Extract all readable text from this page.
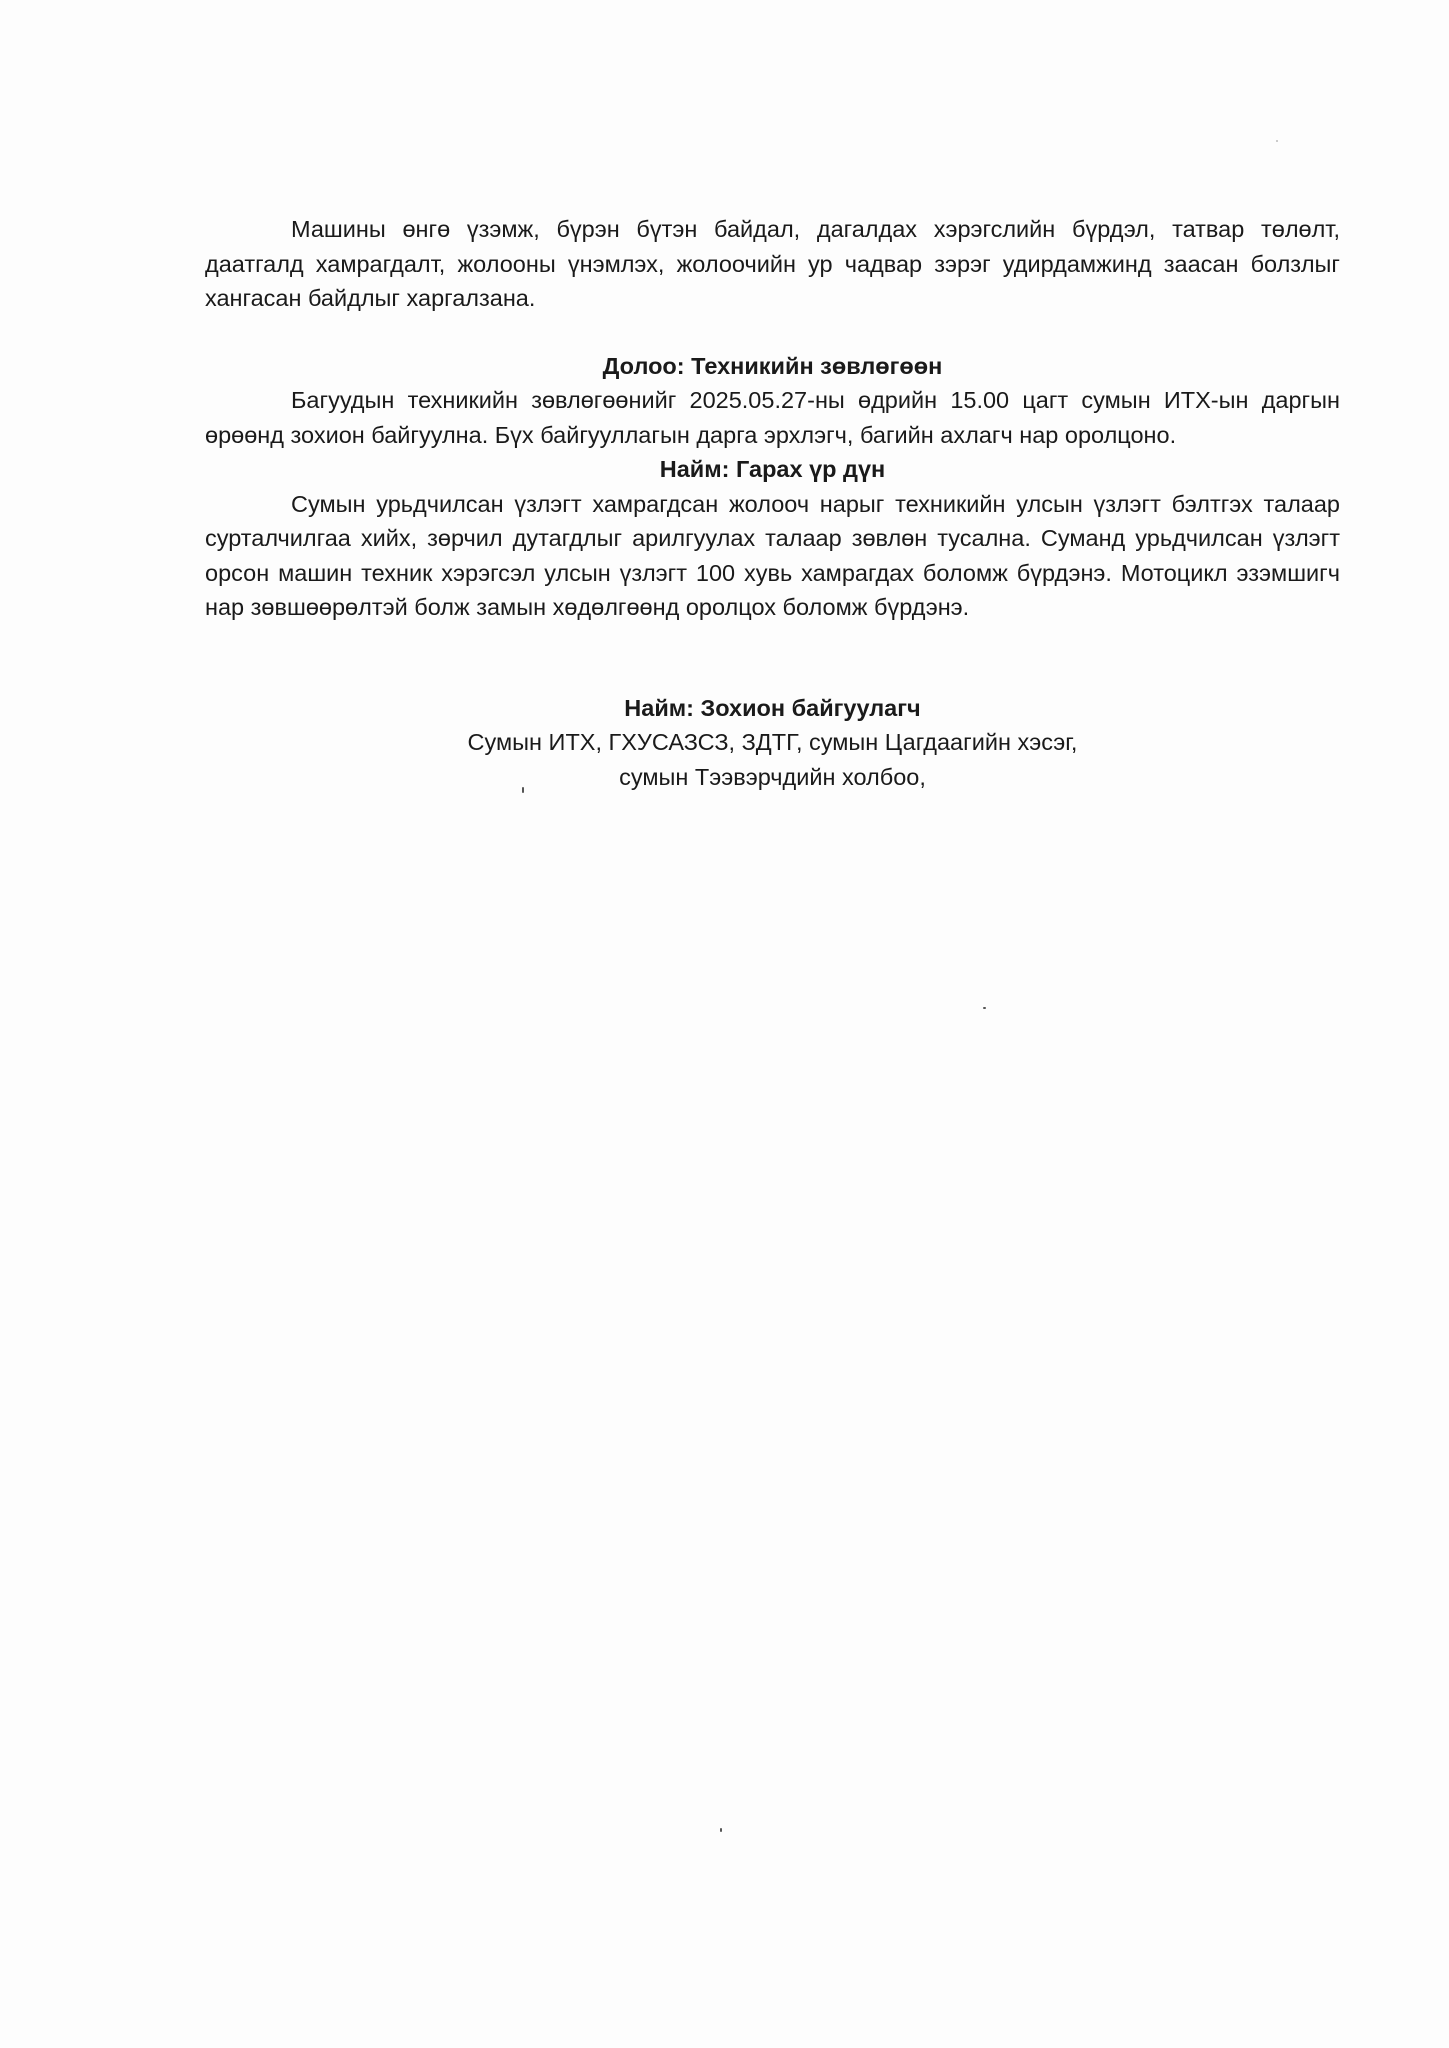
Машины өнгө үзэмж, бүрэн бүтэн байдал, дагалдах хэрэгслийн бүрдэл, татвар төлөлт, даатгалд хамрагдалт, жолооны үнэмлэх, жолоочийн ур чадвар зэрэг удирдамжинд заасан болзлыг хангасан байдлыг харгалзана.

Долоо: Техникийн зөвлөгөөн

Багуудын техникийн зөвлөгөөнийг 2025.05.27-ны өдрийн 15.00 цагт сумын ИТХ-ын даргын өрөөнд зохион байгуулна. Бүх байгууллагын дарга эрхлэгч, багийн ахлагч нар оролцоно.

Найм: Гарах үр дүн

Сумын урьдчилсан үзлэгт хамрагдсан жолооч нарыг техникийн улсын үзлэгт бэлтгэх талаар сурталчилгаа хийх, зөрчил дутагдлыг арилгуулах талаар зөвлөн тусална. Суманд урьдчилсан үзлэгт орсон машин техник хэрэгсэл улсын үзлэгт 100 хувь хамрагдах боломж бүрдэнэ. Мотоцикл эзэмшигч нар зөвшөөрөлтэй болж замын хөдөлгөөнд оролцох боломж бүрдэнэ.

Найм: Зохион байгуулагч

Сумын ИТХ, ГХУСАЗСЗ, ЗДТГ, сумын Цагдаагийн хэсэг,

сумын Тээвэрчдийн холбоо,
